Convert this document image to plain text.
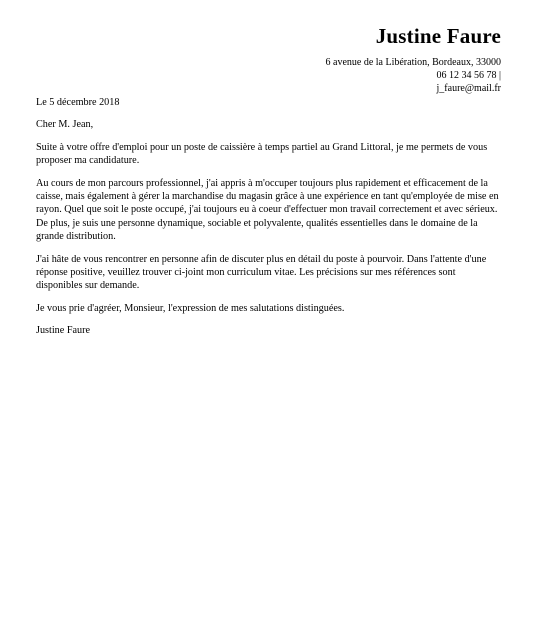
Justine Faure
6 avenue de la Libération, Bordeaux, 33000
06 12 34 56 78 |
j_faure@mail.fr

Le 5 décembre 2018

Cher M. Jean,

Suite à votre offre d'emploi pour un poste de caissière à temps partiel au Grand Littoral, je me permets de vous proposer ma candidature.

Au cours de mon parcours professionnel, j'ai appris à m'occuper toujours plus rapidement et efficacement de la caisse, mais également à gérer la marchandise du magasin grâce à une expérience en tant qu'employée de mise en rayon. Quel que soit le poste occupé, j'ai toujours eu à coeur d'effectuer mon travail correctement et avec sérieux. De plus, je suis une personne dynamique, sociable et polyvalente, qualités essentielles dans le domaine de la grande distribution.

J'ai hâte de vous rencontrer en personne afin de discuter plus en détail du poste à pourvoir. Dans l'attente d'une réponse positive, veuillez trouver ci-joint mon curriculum vitae. Les précisions sur mes références sont disponibles sur demande.

Je vous prie d'agréer, Monsieur, l'expression de mes salutations distinguées.

Justine Faure
